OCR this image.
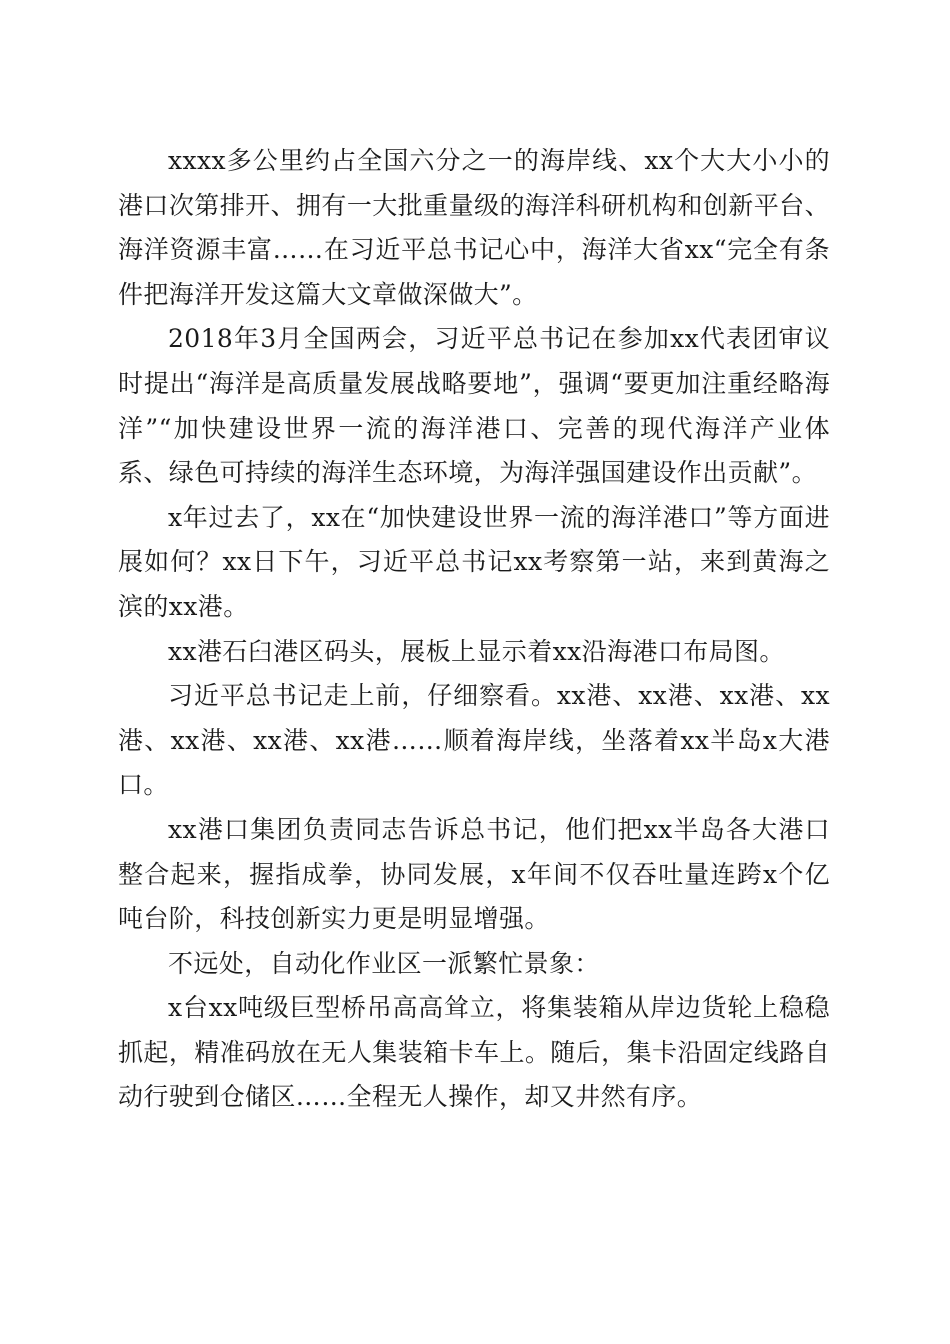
xxxx多公里约占全国六分之一的海岸线、xx个大大小小的港口次第排开、拥有一大批重量级的海洋科研机构和创新平台、海洋资源丰富……在习近平总书记心中，海洋大省xx“完全有条件把海洋开发这篇大文章做深做大”。

2018年3月全国两会，习近平总书记在参加xx代表团审议时提出“海洋是高质量发展战略要地”，强调“要更加注重经略海洋”“加快建设世界一流的海洋港口、完善的现代海洋产业体系、绿色可持续的海洋生态环境，为海洋强国建设作出贡献”。

x年过去了，xx在“加快建设世界一流的海洋港口”等方面进展如何？xx日下午，习近平总书记xx考察第一站，来到黄海之滨的xx港。

xx港石臼港区码头，展板上显示着xx沿海港口布局图。

习近平总书记走上前，仔细察看。xx港、xx港、xx港、xx港、xx港、xx港、xx港……顺着海岸线，坐落着xx半岛x大港口。

xx港口集团负责同志告诉总书记，他们把xx半岛各大港口整合起来，握指成拳，协同发展，x年间不仅吞吐量连跨x个亿吨台阶，科技创新实力更是明显增强。

不远处，自动化作业区一派繁忙景象：

x台xx吨级巨型桥吊高高耸立，将集装箱从岸边货轮上稳稳抓起，精准码放在无人集装箱卡车上。随后，集卡沿固定线路自动行驶到仓储区……全程无人操作，却又井然有序。
